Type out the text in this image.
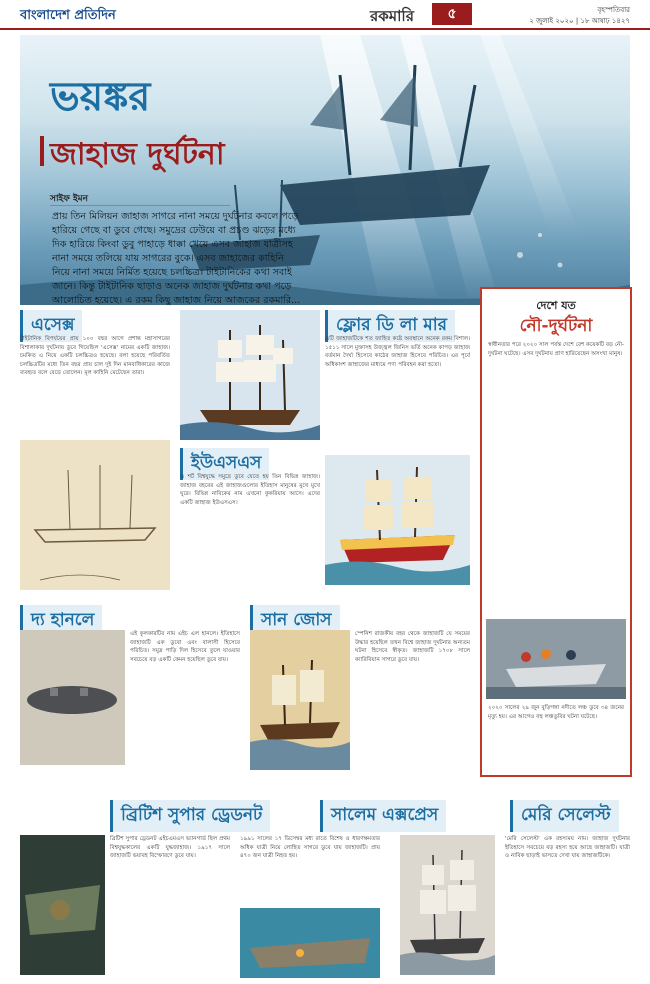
বাংলাদেশ প্রতিদিন	রকমারি	৫	বৃহস্পতিবার
২ জুলাই ২০২০ | ১৮ আষাঢ় ১৪২৭
ভয়ঙ্কর
জাহাজ দুর্ঘটনা
সাইফ ইমন
প্রায় তিন মিলিয়ন জাহাজ সাগরে নানা সময়ে দুর্ঘটনার কবলে পড়ে হারিয়ে গেছে বা ডুবে গেছে। সমুদ্রের ঢেউয়ে বা প্রচণ্ড ঝড়ের মধ্যে দিক হারিয়ে কিংবা ডুবু পাহাড়ে ধাক্কা খেয়ে এসব জাহাজ যাত্রীসহ নানা সময়ে তলিয়ে যায় সাগরের বুকে। এসব জাহাজের কাহিনি নিয়ে নানা সময়ে নির্মিত হয়েছে চলচ্চিত্র। টাইটানিকের কথা সবাই জানে। কিন্তু টাইটানিক ছাড়াও অনেক জাহাজ দুর্ঘটনার কথা পড়ে আলোচিত হয়েছে। এ রকম কিছু জাহাজ নিয়ে আজকের রকমারি...
এসেক্স
টাইটানিক বিপর্যয়ের প্রায় ১০০ বছর আগে প্রশান্ত মহাসাগরের বিশালাকার দুর্ঘটনায় ডুবে গিয়েছিল 'এসেক্স' নামের একটি জাহাজ। চমকিত এ নিয়ে একটি চলচ্চিত্রও হয়েছে। বলা হয়েছে পরিবর্তিত চলচ্চিত্রটির মধ্যে তিন বছর প্রায় চাল দুই দিন মানবাধিকারের কাজে ব্যবহৃত বলে বেড়ে তোলেন। মূল কাহিনি মেটেছেন তারা।
ফ্লোর ডি লা মার
এটি জাহাজটিকে শত জাহিত কষ্টে অবস্থানে অনেক রকম বিশাল। ১৫১১ সালে মুক্তাসহ উজ্জ্বল জিনিস ভর্তি অনেক কাপড় জাহাজ বর্তমান দৈর্ঘ্য হিসেবে কাঠের জাহাজ হিসেবে পরিচিত। এর পূর্বে অধিকাংশ জাহাজের মাধ্যমে পণ্য পরিবহন করা হতো।
ইউএসএস
এ শর্ট বিশ্বযুদ্ধে সমুদ্রে ডুবে যেতে হয় তিন বিভিন্ন জাহাজ। জাহাজ বহরের এই জাহাজগুলোর ইতিহাস মানুষের মুখে মুখে ঘুরে। বিভিন্ন নাবিকের নাম এখনো কুকরিয়ায় আসে। এদের একটি জাহাজ ইউএসএস।
দেশে যত
নৌ-দুর্ঘটনা
স্বাধীনতার পরে ২০২০ সাল পর্যন্ত দেশে বেশ কয়েকটি বড় নৌ-দুর্ঘটনা ঘটেছে। এসব দুর্ঘটনায় প্রাণ হারিয়েছেন অসংখ্য মানুষ।
২০২০ সালের ২৯ জুন বুড়িগঙ্গা নদীতে লঞ্চ ডুবে ৩৪ জনের মৃত্যু হয়। এর আগেও বহু লঞ্চডুবির ঘটনা ঘটেছে।
দ্য হানলে
এই কুলকারটির নাম এইচ এল হানলে। ইতিহাসে জাহাজটি এক ডুবো এবং বালাসী হিসেবে পরিচিত। সমুদ্র পাড়ি দিল হিসেবে তুলে যাওয়ার সবচেয়ে বড় একটি কেমন হয়েছিল ডুবে যায়।
সান জোস
স্পেনিশ রাজকীয় বহর থেকে জাহাজটি যে সময়ের উদ্ধার হয়েছিল তখন বিশ্বে জাহাজ দুর্ঘটনার অন্যতম ঘটনা হিসেবে স্বীকৃত। জাহাজটি ১৭০৮ সালে ক্যারিবিয়ান সাগরে ডুবে যায়।
ব্রিটিশ সুপার ড্রেডনট
ব্রিটিশ সুপার ড্রেডনট এইচএমএস ভ্যানগার্ড ছিল প্রথম বিশ্বযুদ্ধকালের একটি যুদ্ধজাহাজ। ১৯১৭ সালে জাহাজটি ভয়াবহ বিস্ফোরণে ডুবে যায়।
সালেম এক্সপ্রেস
১৯৯১ সালের ১৭ ডিসেম্বর মধ্য রাতে বিশেষ ও ধারণক্ষমতার অধিক যাত্রী নিয়ে লোহিত সাগরে ডুবে যায় জাহাজটি। প্রায় ৪৭০ জন যাত্রী নিহত হয়।
মেরি সেলেস্ট
'মেরি সেলেস্ট' এক রহস্যময় নাম। জাহাজ দুর্ঘটনার ইতিহাসে সবচেয়ে বড় রহস্য হয়ে আছে জাহাজটি। যাত্রী ও নাবিক ছাড়াই ভাসতে দেখা যায় জাহাজটিকে।
